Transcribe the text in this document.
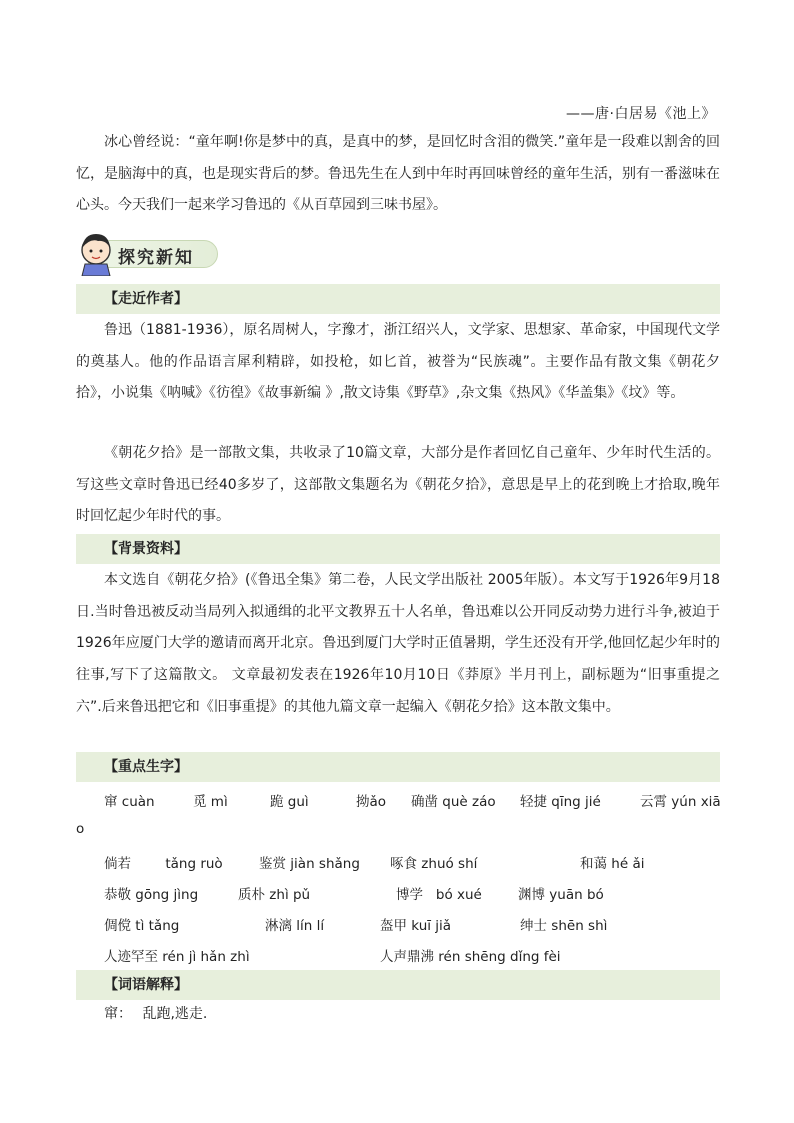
——唐·白居易《池上》

冰心曾经说：“童年啊!你是梦中的真，是真中的梦，是回忆时含泪的微笑.”童年是一段难以割舍的回忆，是脑海中的真，也是现实背后的梦。鲁迅先生在人到中年时再回味曾经的童年生活，别有一番滋味在心头。今天我们一起来学习鲁迅的《从百草园到三味书屋》。

探究新知
【走近作者】

鲁迅（1881-1936），原名周树人，字豫才，浙江绍兴人，文学家、思想家、革命家，中国现代文学的奠基人。他的作品语言犀利精辟，如投枪，如匕首，被誉为“民族魂”。主要作品有散文集《朝花夕拾》，小说集《呐喊》《彷徨》《故事新编 》,散文诗集《野草》,杂文集《热风》《华盖集》《坟》等。

《朝花夕拾》是一部散文集，共收录了10篇文章，大部分是作者回忆自己童年、少年时代生活的。写这些文章时鲁迅已经40多岁了，这部散文集题名为《朝花夕拾》，意思是早上的花到晚上才拾取,晚年时回忆起少年时代的事。

【背景资料】

本文选自《朝花夕拾》(《鲁迅全集》第二卷，人民文学出版社 2005年版）。本文写于1926年9月18日.当时鲁迅被反动当局列入拟通缉的北平文教界五十人名单，鲁迅难以公开同反动势力进行斗争,被迫于1926年应厦门大学的邀请而离开北京。鲁迅到厦门大学时正值暑期，学生还没有开学,他回忆起少年时的往事,写下了这篇散文。 文章最初发表在1926年10月10日《莽原》半月刊上，副标题为“旧事重提之六”.后来鲁迅把它和《旧事重提》的其他九篇文章一起编入《朝花夕拾》这本散文集中。

【重点生字】
窜 cuàn	觅 mì	跪 guì	拗ǎo 确凿 què záo 轻捷 qīng jié	云霄 yún xiā
o
倘若	tǎng ruò	鉴赏 jiàn shǎng 啄食 zhuó shí	和蔼 hé ǎi
恭敬 gōng jìng	质朴 zhì pǔ	博学 bó xué	渊博 yuān bó
倜傥 tì tǎng	淋漓 lín lí	盔甲 kuī jiǎ	绅士 shēn shì
人迹罕至 rén jì hǎn zhì	人声鼎沸 rén shēng dǐng fèi
【词语解释】
窜： 乱跑,逃走.
